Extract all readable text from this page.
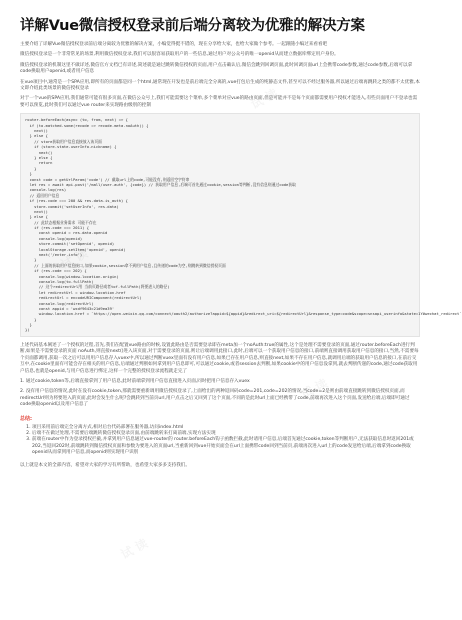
详解Vue微信授权登录前后端分离较为优雅的解决方案

主要介绍了详解Vue微信授权登录前后端分离较为优雅的解决方案，小编觉得挺不错的，现在分享给大家，也给大家做个参考。一起跟随小编过来看看吧

微信授权登录是一个非常常见的场景,利用微信授权登录,我们可以很容易获取用户的一些信息,通过用户对公众号的唯一openid从而建立数据库绑定用户身份。

微信授权登录的机制这里不做详述,微信官方文档已有详述,简述就是通过跳转微信授权的页面,用户点击确认后,微信会跳到回调页面,此时回调页面url上会携带code参数,通过code参数,后端可以拿code换取用户openid,或者用户信息

在vue项目中,通常是一个SPA应用,即所有的页面都是同一个html,通常现在开发也是前后端完全分离的,vue打包后生成的纯静态文件,甚至可以不经过服务器,所以通过后端再跳转之类的都不太优雅,本文即介绍此类场景的微信授权登录

对于一个vue的SPA应用,我们通常可能有很多页面,在微信公众号上,我们可能需要这个菜单,多个菜单对应vue的路由页面,但是可能并不是每个页面都需要用户授权才能进入,有些页面用户不登录也需要可以预览,此时我们可以通过vue router来实现路由级别的控制

router.beforeEach(async (to, from, next) => {
if (to.matched.some(recode => recode.meta.noAuth)) {
next()
} else {
// store获取用户信息直接放入该页面
if (store.state.userInfo.nickname) {
next()
} else {
return
}
}
const code = getUrlParam('code') // 截取url上的code,可能没有,则返回空字符串
let res = await api.post('/mall/user-auth', {code}) // 获取用户信息,后端可首先通过cookie,session等判断,没有信息则通过code获取
console.log(res)
// 返回用户信息
if (res.code === 200 && res.data.is_auth) {
store.commit('setUserInfo', res.data)
next()
} else {
// 此状态根据业务需求 可能不存在
if (res.code === 2011) {
const openid = res.data.openid
console.log(openid)
store.commit('setOpenid', openid)
localStorage.setItem('openid', openid)
next('/enter.info')
}
// 上面的获取用户信息接口,如果cookie,session拿不到用户信息,且传递的code为空,则跳转到微信授权页面
if (res.code === 202) {
console.log(window.location.origin)
console.log(to.fullPath)
// 这个redirectUrl用 当前页路径或者tof.fullPath(将要进入的路径)
let redirectUrl = window.location.href
redirectUrl = encodeURIComponent(redirectUrl)
console.log(redirectUrl)
const appid = 'wxdf9643c21d9ea39'
window.location.href = `https://open.weixin.qq.com/connect/oauth2/authorize?appid=${appid}&redirect_uri=${redirectUrl}&response_type=code&scope=snsapi_userinfo&state=1Y#wechat_redirect`
}
}
})

上述代码基本阐述了一个授权的过程,首先,我们在配置vue路由的时候,设置此路由是否需要登录即在meta加一个noAuth:true的属性,这个是处理不需要登录的页面,通过router.beforeEach进行判断,如果是不需要登录的页面 noAuth,则直接next()进入该页面,对于需要登录的页面,则让后端调用此接口,此时,后端可以一个获取用户信息的接口,前端则直接调用获取用户信息的接口,当然,不需要每个页面都调用,获取一次之后可以用用户信息存入vuex中,所以通过判断vuex里面有没有用户信息,如果已存在用户信息,则直接next,如果不存在用户信息,就调用后端的获取用户信息的接口,在前后交互中,在cookie里面有可能会存在相关的用户信息,后端通过判断如何拿到用户信息即可,可以通过cookie,或者session去判断,如果cookie中的用户信息没拿到,就去判断传递的code,通过code获取用户信息,也就是openid,与用户信息进行绑定,这样一个完整的授权登录流程就走完了

1. 通过cookie,token等,后端直接拿到了用户信息,此时前端拿到用户信息直接进入页面,同时把用户信息存入vuex

2. 没有用户信息的情况,此时在没有cookie,token,那就需要重新调用微信授权登录了,上面给出的两种返回码code=201,code=202的情况,当code=2是则由前端直接跳转到微信授权页面,而redirectUrl则为将要进入的页面,此时会发生什么呢?会跳转到当前页url,用户点击之后又回到了这个页面,不同的是此时url上面已经携带了code,前端再次进入这个页面,发送给后端,后端即可通过code换取openid以及用户信息了

总结:
1. 项目采用前后端完全分离方式,相对后台代码部署在服务器,访问index.html
2. 后端不在做过处理,不需要后端跳转微信授权登录页面,由前端跳转来打离前端,实现方法实现
3. 前端在router中作为登录授权拦截,并拿到用户信息通过vue-router的 router.beforeEach钩子函数拦截,此时请用户信息,后端首先通过cookie,token等判断用户,无法获取信息时返回201或202,当返回202时,前端跳转到微信授权页面和参数为要进入的页面url,当重新回到vue开始页面会在url上面携带code回到当前页,前端再次进入url上的code发送给后端,后端拿到code换取openid从而拿到用户信息,而openid则实现用户识别

以上就是本文的全部内容，希望对大家的学习有所帮助，也希望大家多多支持我们。
